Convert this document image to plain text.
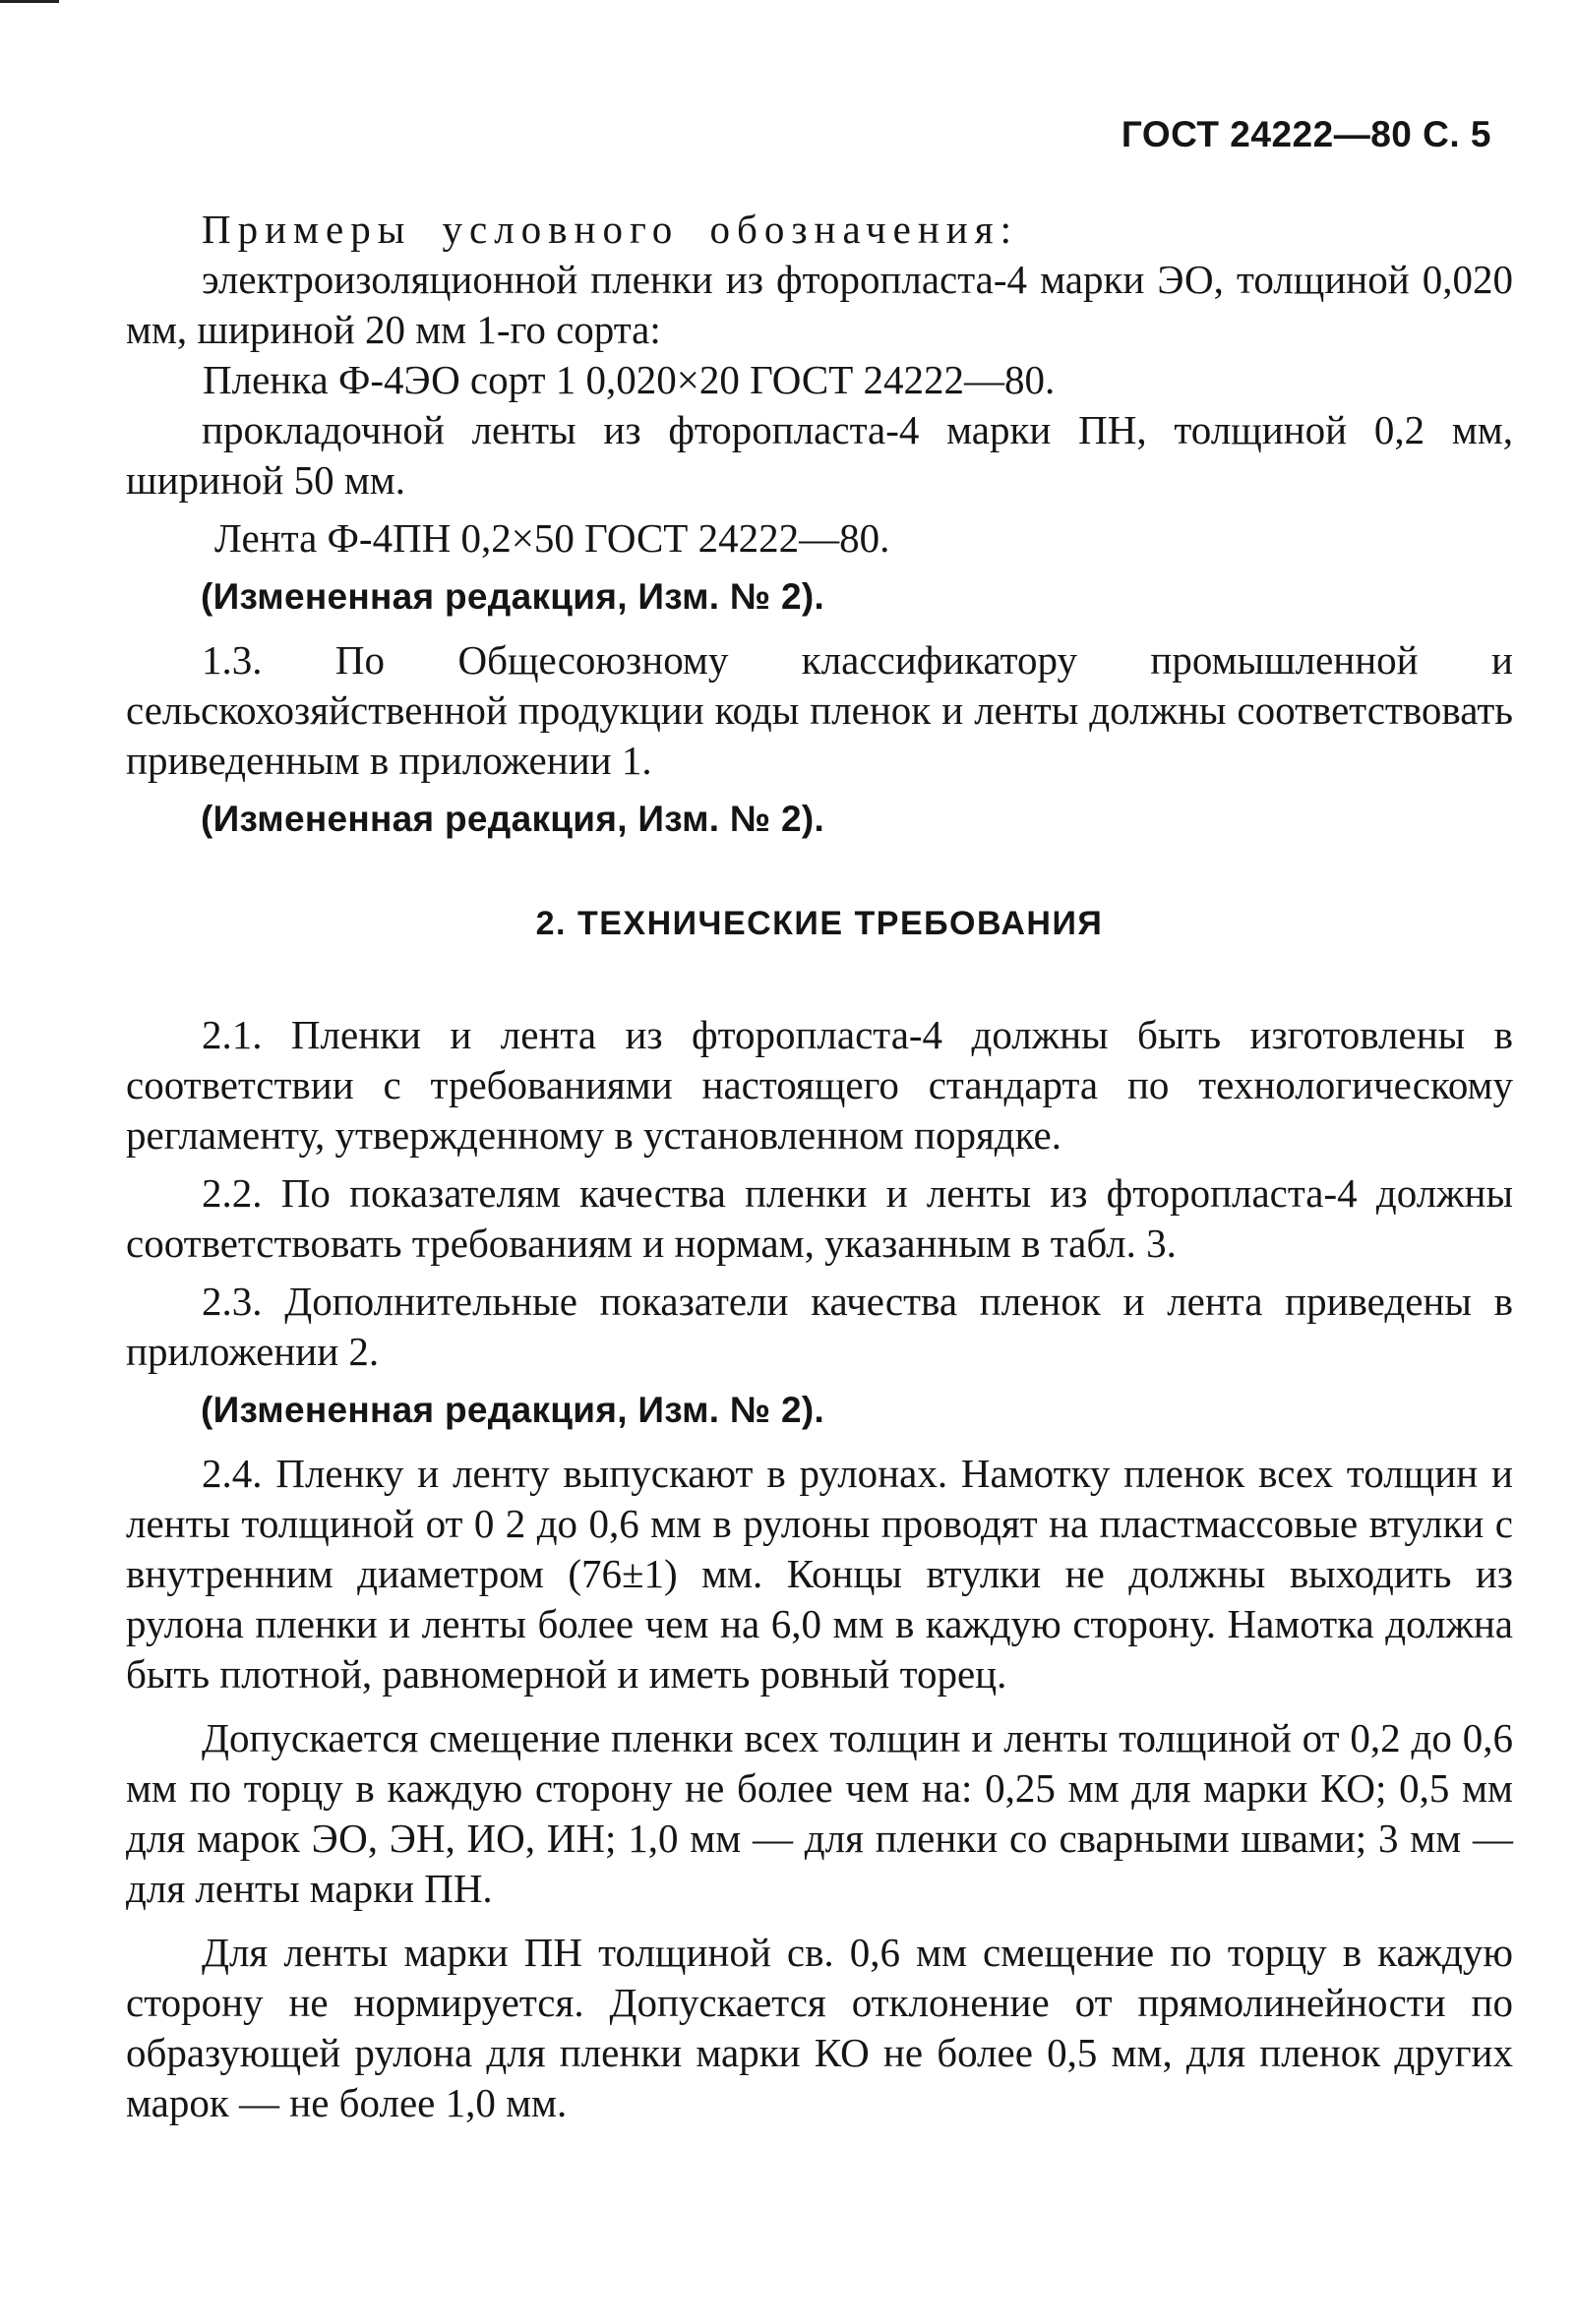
ГОСТ 24222—80 С. 5

Примеры условного обозначения:

электроизоляционной пленки из фторопласта-4 марки ЭО, толщиной 0,020 мм, шириной 20 мм 1-го сорта:

Пленка Ф-4ЭО сорт 1 0,020×20 ГОСТ 24222—80.

прокладочной ленты из фторопласта-4 марки ПН, толщиной 0,2 мм, шириной 50 мм.

Лента Ф-4ПН 0,2×50 ГОСТ 24222—80.

(Измененная редакция, Изм. № 2).

1.3. По Общесоюзному классификатору промышленной и сельскохозяйственной продукции коды пленок и ленты должны соответствовать приведенным в приложении 1.

(Измененная редакция, Изм. № 2).

2. ТЕХНИЧЕСКИЕ ТРЕБОВАНИЯ

2.1. Пленки и лента из фторопласта-4 должны быть изготовлены в соответствии с требованиями настоящего стандарта по технологическому регламенту, утвержденному в установленном порядке.

2.2. По показателям качества пленки и ленты из фторопласта-4 должны соответствовать требованиям и нормам, указанным в табл. 3.

2.3. Дополнительные показатели качества пленок и лента приведены в приложении 2.

(Измененная редакция, Изм. № 2).

2.4. Пленку и ленту выпускают в рулонах. Намотку пленок всех толщин и ленты толщиной от 0 2 до 0,6 мм в рулоны проводят на пластмассовые втулки с внутренним диаметром (76±1) мм. Концы втулки не должны выходить из рулона пленки и ленты более чем на 6,0 мм в каждую сторону. Намотка должна быть плотной, равномерной и иметь ровный торец.

Допускается смещение пленки всех толщин и ленты толщиной от 0,2 до 0,6 мм по торцу в каждую сторону не более чем на: 0,25 мм для марки КО; 0,5 мм для марок ЭО, ЭН, ИО, ИН; 1,0 мм — для пленки со сварными швами; 3 мм — для ленты марки ПН.

Для ленты марки ПН толщиной св. 0,6 мм смещение по торцу в каждую сторону не нормируется. Допускается отклонение от прямолинейности по образующей рулона для пленки марки КО не более 0,5 мм, для пленок других марок — не более 1,0 мм.
